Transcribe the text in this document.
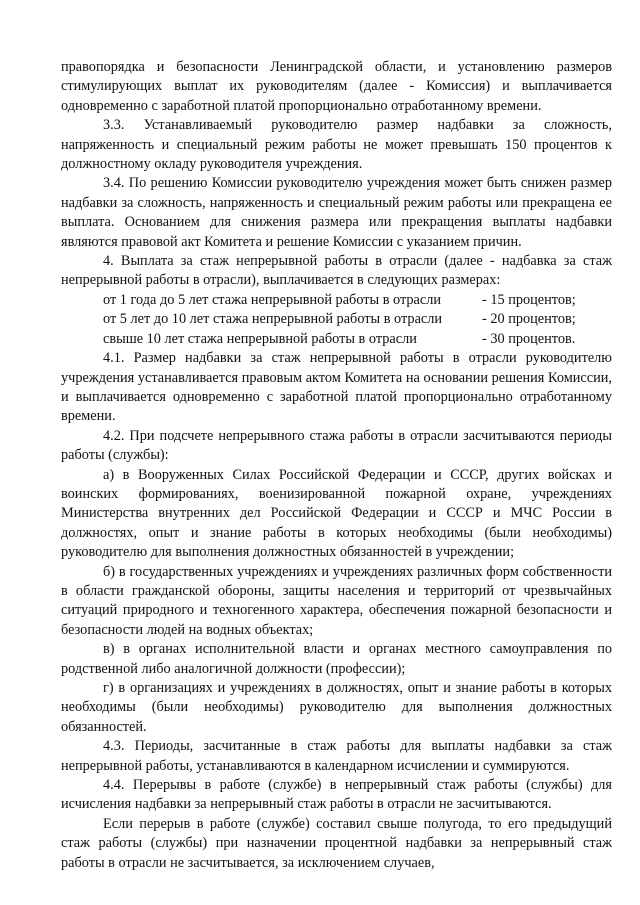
правопорядка и безопасности Ленинградской области, и установлению размеров стимулирующих выплат их руководителям (далее - Комиссия) и выплачивается одновременно с заработной платой пропорционально отработанному времени.

3.3. Устанавливаемый руководителю размер надбавки за сложность, напряженность и специальный режим работы не может превышать 150 процентов к должностному окладу руководителя учреждения.

3.4. По решению Комиссии руководителю учреждения может быть снижен размер надбавки за сложность, напряженность и специальный режим работы или прекращена ее выплата. Основанием для снижения размера или прекращения выплаты надбавки являются правовой акт Комитета и решение Комиссии с указанием причин.

4. Выплата за стаж непрерывной работы в отрасли (далее - надбавка за стаж непрерывной работы в отрасли), выплачивается в следующих размерах:

от 1 года до 5 лет стажа непрерывной работы в отрасли	- 15 процентов;
от 5 лет до 10 лет стажа непрерывной работы в отрасли	- 20 процентов;
свыше 10 лет стажа непрерывной работы в отрасли	- 30 процентов.

4.1. Размер надбавки за стаж непрерывной работы в отрасли руководителю учреждения устанавливается правовым актом Комитета на основании решения Комиссии, и выплачивается одновременно с заработной платой пропорционально отработанному времени.

4.2. При подсчете непрерывного стажа работы в отрасли засчитываются периоды работы (службы):

а) в Вооруженных Силах Российской Федерации и СССР, других войсках и воинских формированиях, военизированной пожарной охране, учреждениях Министерства внутренних дел Российской Федерации и СССР и МЧС России в должностях, опыт и знание работы в которых необходимы (были необходимы) руководителю для выполнения должностных обязанностей в учреждении;

б) в государственных учреждениях и учреждениях различных форм собственности в области гражданской обороны, защиты населения и территорий от чрезвычайных ситуаций природного и техногенного характера, обеспечения пожарной безопасности и безопасности людей на водных объектах;

в) в органах исполнительной власти и органах местного самоуправления по родственной либо аналогичной должности (профессии);

г) в организациях и учреждениях в должностях, опыт и знание работы в которых необходимы (были необходимы) руководителю для выполнения должностных обязанностей.

4.3. Периоды, засчитанные в стаж работы для выплаты надбавки за стаж непрерывной работы, устанавливаются в календарном исчислении и суммируются.

4.4. Перерывы в работе (службе) в непрерывный стаж работы (службы) для исчисления надбавки за непрерывный стаж работы в отрасли не засчитываются.

Если перерыв в работе (службе) составил свыше полугода, то его предыдущий стаж работы (службы) при назначении процентной надбавки за непрерывный стаж работы в отрасли не засчитывается, за исключением случаев,
